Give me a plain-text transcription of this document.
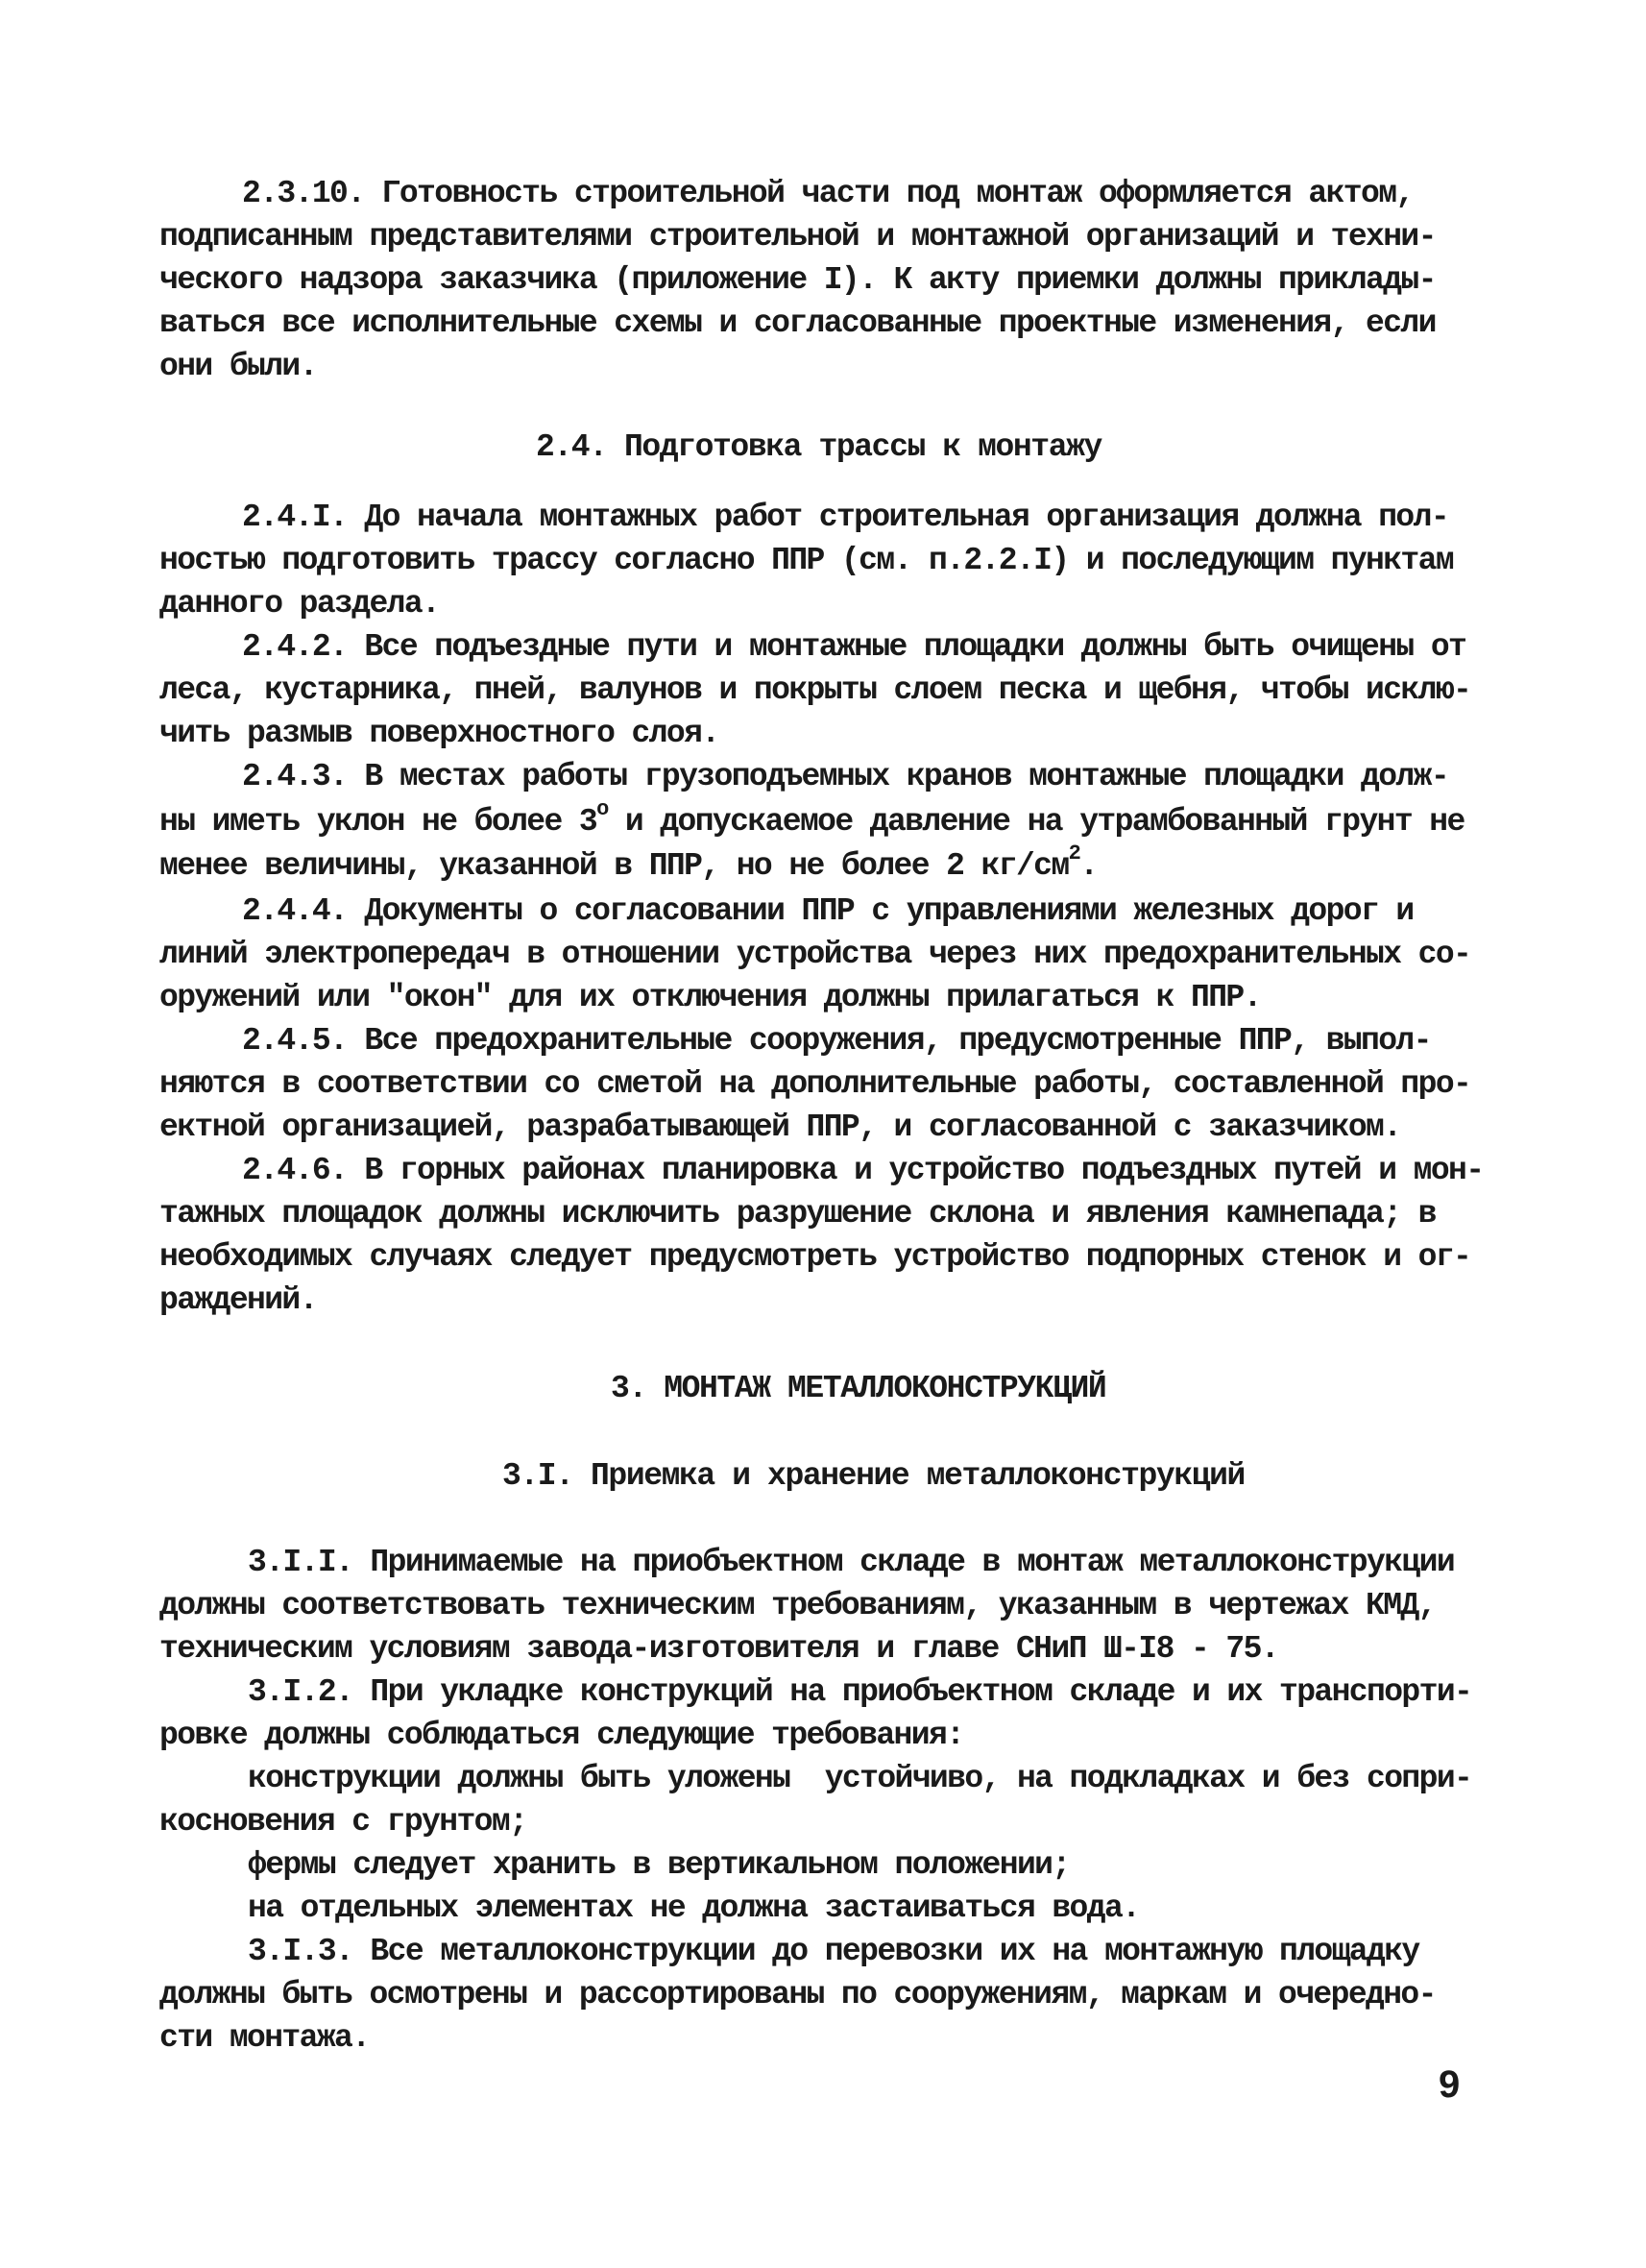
2.3.10. Готовность строительной части под монтаж оформляется актом,
подписанным представителями строительной и монтажной организаций и техни-
ческого надзора заказчика (приложение I). К акту приемки должны приклады-
ваться все исполнительные схемы и согласованные проектные изменения, если
они были.
2.4. Подготовка трассы к монтажу
2.4.I. До начала монтажных работ строительная организация должна пол-
ностью подготовить трассу согласно ППР (см. п.2.2.I) и последующим пунктам
данного раздела.
2.4.2. Все подъездные пути и монтажные площадки должны быть очищены от
леса, кустарника, пней, валунов и покрыты слоем песка и щебня, чтобы исклю-
чить размыв поверхностного слоя.
2.4.3. В местах работы грузоподъемных кранов монтажные площадки долж-
ны иметь уклон не более $3^о$ и допускаемое давление на утрамбованный грунт не
менее величины, указанной в ППР, но не более 2 $кг/см^2$.
2.4.4. Документы о согласовании ППР с управлениями железных дорог и
линий электропередач в отношении устройства через них предохранительных со-
оружений или "окон" для их отключения должны прилагаться к ППР.
2.4.5. Все предохранительные сооружения, предусмотренные ППР, выпол-
няются в соответствии со сметой на дополнительные работы, составленной про-
ектной организацией, разрабатывающей ППР, и согласованной с заказчиком.
2.4.6. В горных районах планировка и устройство подъездных путей и мон-
тажных площадок должны исключить разрушение склона и явления камнепада; в
необходимых случаях следует предусмотреть устройство подпорных стенок и ог-
раждений.
3. МОНТАЖ МЕТАЛЛОКОНСТРУКЦИЙ
3.I. Приемка и хранение металлоконструкций
3.I.I. Принимаемые на приобъектном складе в монтаж металлоконструкции
должны соответствовать техническим требованиям, указанным в чертежах КМД,
техническим условиям завода-изготовителя и главе СНиП Ш-I8 - 75.
3.I.2. При укладке конструкций на приобъектном складе и их транспорти-
ровке должны соблюдаться следующие требования:
конструкции должны быть уложены  устойчиво, на подкладках и без сопри-
косновения с грунтом;
фермы следует хранить в вертикальном положении;
на отдельных элементах не должна застаиваться вода.
3.I.3. Все металлоконструкции до перевозки их на монтажную площадку
должны быть осмотрены и рассортированы по сооружениям, маркам и очередно-
сти монтажа.
9
